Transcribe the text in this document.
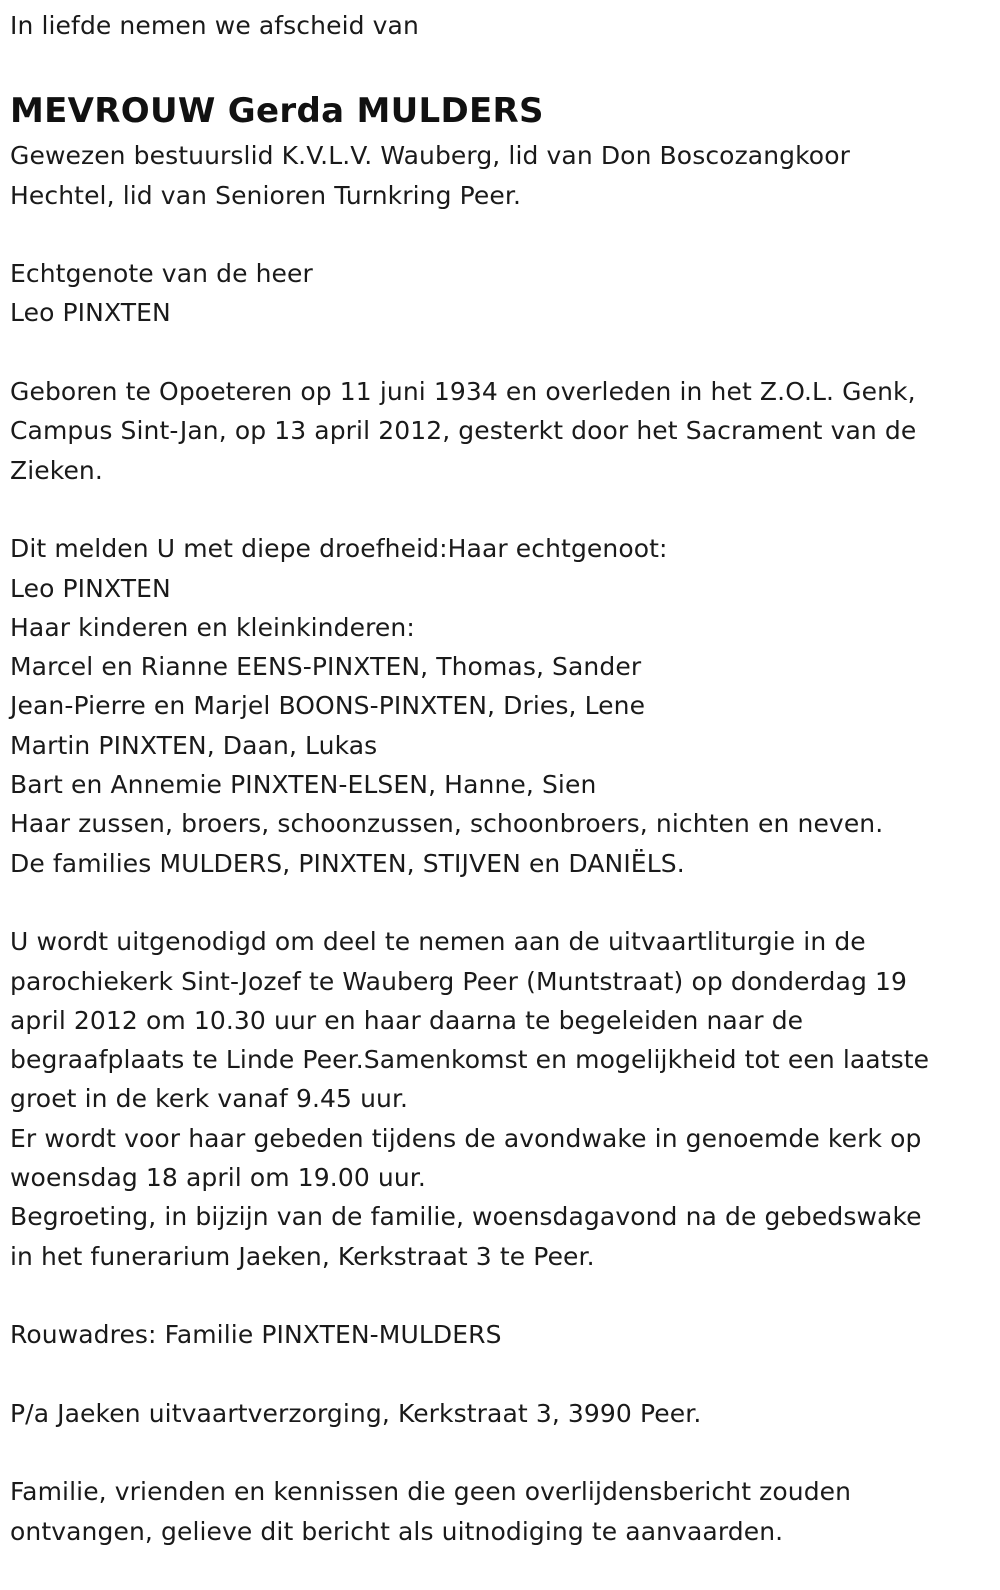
In liefde nemen we afscheid van
MEVROUW Gerda MULDERS
Gewezen bestuurslid K.V.L.V. Wauberg, lid van Don Boscozangkoor
Hechtel, lid van Senioren Turnkring Peer.
Echtgenote van de heer
Leo PINXTEN
Geboren te Opoeteren op 11 juni 1934 en overleden in het Z.O.L. Genk,
Campus Sint-Jan, op 13 april 2012, gesterkt door het Sacrament van de
Zieken.
Dit melden U met diepe droefheid:Haar echtgenoot:
Leo PINXTEN
Haar kinderen en kleinkinderen:
Marcel en Rianne EENS-PINXTEN, Thomas, Sander
Jean-Pierre en Marjel BOONS-PINXTEN, Dries, Lene
Martin PINXTEN, Daan, Lukas
Bart en Annemie PINXTEN-ELSEN, Hanne, Sien
Haar zussen, broers, schoonzussen, schoonbroers, nichten en neven.
De families MULDERS, PINXTEN, STIJVEN en DANIËLS.
U wordt uitgenodigd om deel te nemen aan de uitvaartliturgie in de
parochiekerk Sint-Jozef te Wauberg Peer (Muntstraat) op donderdag 19
april 2012 om 10.30 uur en haar daarna te begeleiden naar de
begraafplaats te Linde Peer.Samenkomst en mogelijkheid tot een laatste
groet in de kerk vanaf 9.45 uur.
Er wordt voor haar gebeden tijdens de avondwake in genoemde kerk op
woensdag 18 april om 19.00 uur.
Begroeting, in bijzijn van de familie, woensdagavond na de gebedswake
in het funerarium Jaeken, Kerkstraat 3 te Peer.
Rouwadres: Familie PINXTEN-MULDERS
P/a Jaeken uitvaartverzorging, Kerkstraat 3, 3990 Peer.
Familie, vrienden en kennissen die geen overlijdensbericht zouden
ontvangen, gelieve dit bericht als uitnodiging te aanvaarden.
